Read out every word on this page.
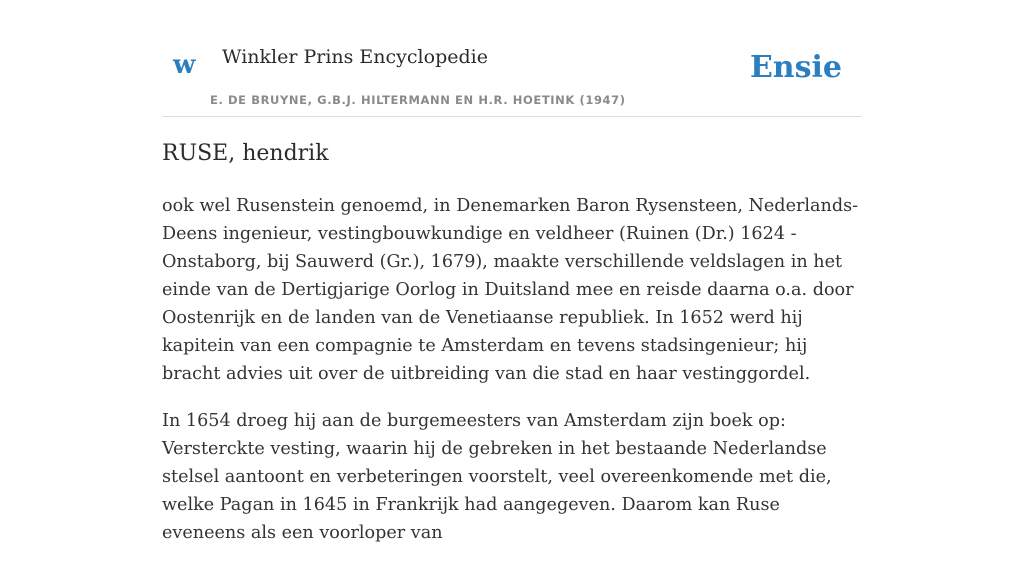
w Winkler Prins Encyclopedie
E. DE BRUYNE, G.B.J. HILTERMANN EN H.R. HOETINK (1947)
Ensie
RUSE, hendrik

ook wel Rusenstein genoemd, in Denemarken Baron Rysensteen, Nederlands-Deens ingenieur, vestingbouwkundige en veldheer (Ruinen (Dr.) 1624 - Onstaborg, bij Sauwerd (Gr.), 1679), maakte verschillende veldslagen in het einde van de Dertigjarige Oorlog in Duitsland mee en reisde daarna o.a. door Oostenrijk en de landen van de Venetiaanse republiek. In 1652 werd hij kapitein van een compagnie te Amsterdam en tevens stadsingenieur; hij bracht advies uit over de uitbreiding van die stad en haar vestinggordel.

In 1654 droeg hij aan de burgemeesters van Amsterdam zijn boek op: Versterckte vesting, waarin hij de gebreken in het bestaande Nederlandse stelsel aantoont en verbeteringen voorstelt, veel overeenkomende met die, welke Pagan in 1645 in Frankrijk had aangegeven. Daarom kan Ruse eveneens als een voorloper van
